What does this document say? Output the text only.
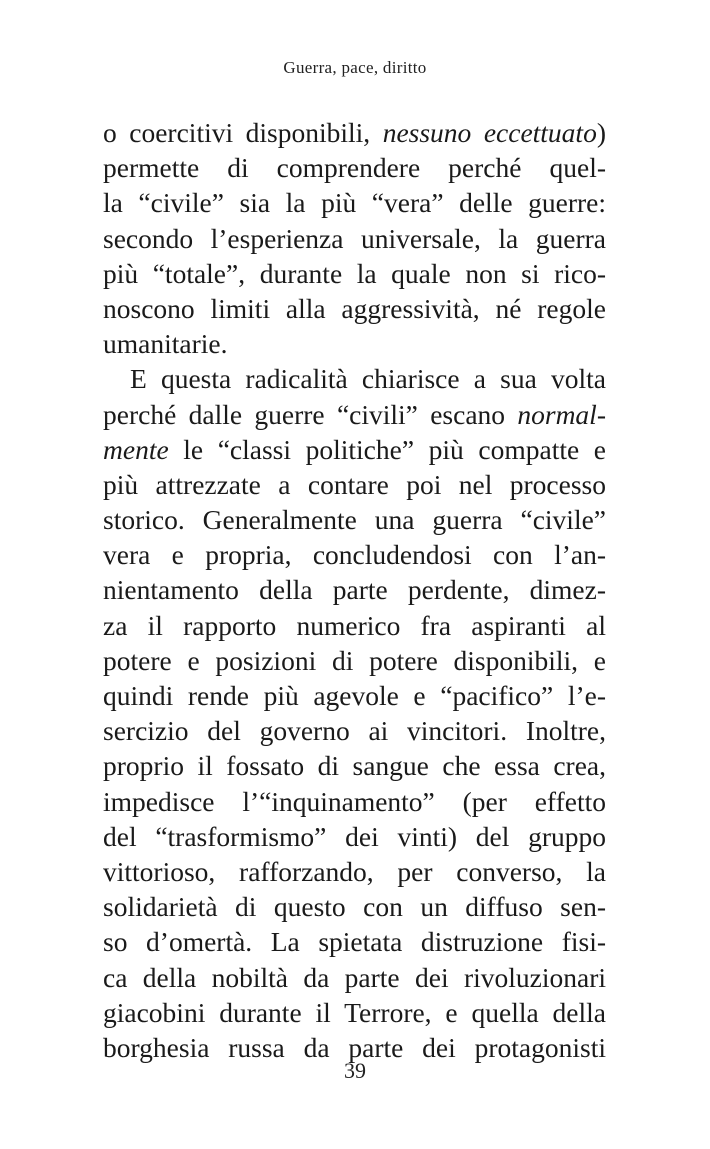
Guerra, pace, diritto
o coercitivi disponibili, nessuno eccettuato)
permette di comprendere perché quel-
la “civile” sia la più “vera” delle guerre:
secondo l’esperienza universale, la guerra
più “totale”, durante la quale non si rico-
noscono limiti alla aggressività, né regole
umanitarie.
E questa radicalità chiarisce a sua volta
perché dalle guerre “civili” escano normal-
mente le “classi politiche” più compatte e
più attrezzate a contare poi nel processo
storico. Generalmente una guerra “civile”
vera e propria, concludendosi con l’an-
nientamento della parte perdente, dimez-
za il rapporto numerico fra aspiranti al
potere e posizioni di potere disponibili, e
quindi rende più agevole e “pacifico” l’e-
sercizio del governo ai vincitori. Inoltre,
proprio il fossato di sangue che essa crea,
impedisce l’“inquinamento” (per effetto
del “trasformismo” dei vinti) del gruppo
vittorioso, rafforzando, per converso, la
solidarietà di questo con un diffuso sen-
so d’omertà. La spietata distruzione fisi-
ca della nobiltà da parte dei rivoluzionari
giacobini durante il Terrore, e quella della
borghesia russa da parte dei protagonisti
39
